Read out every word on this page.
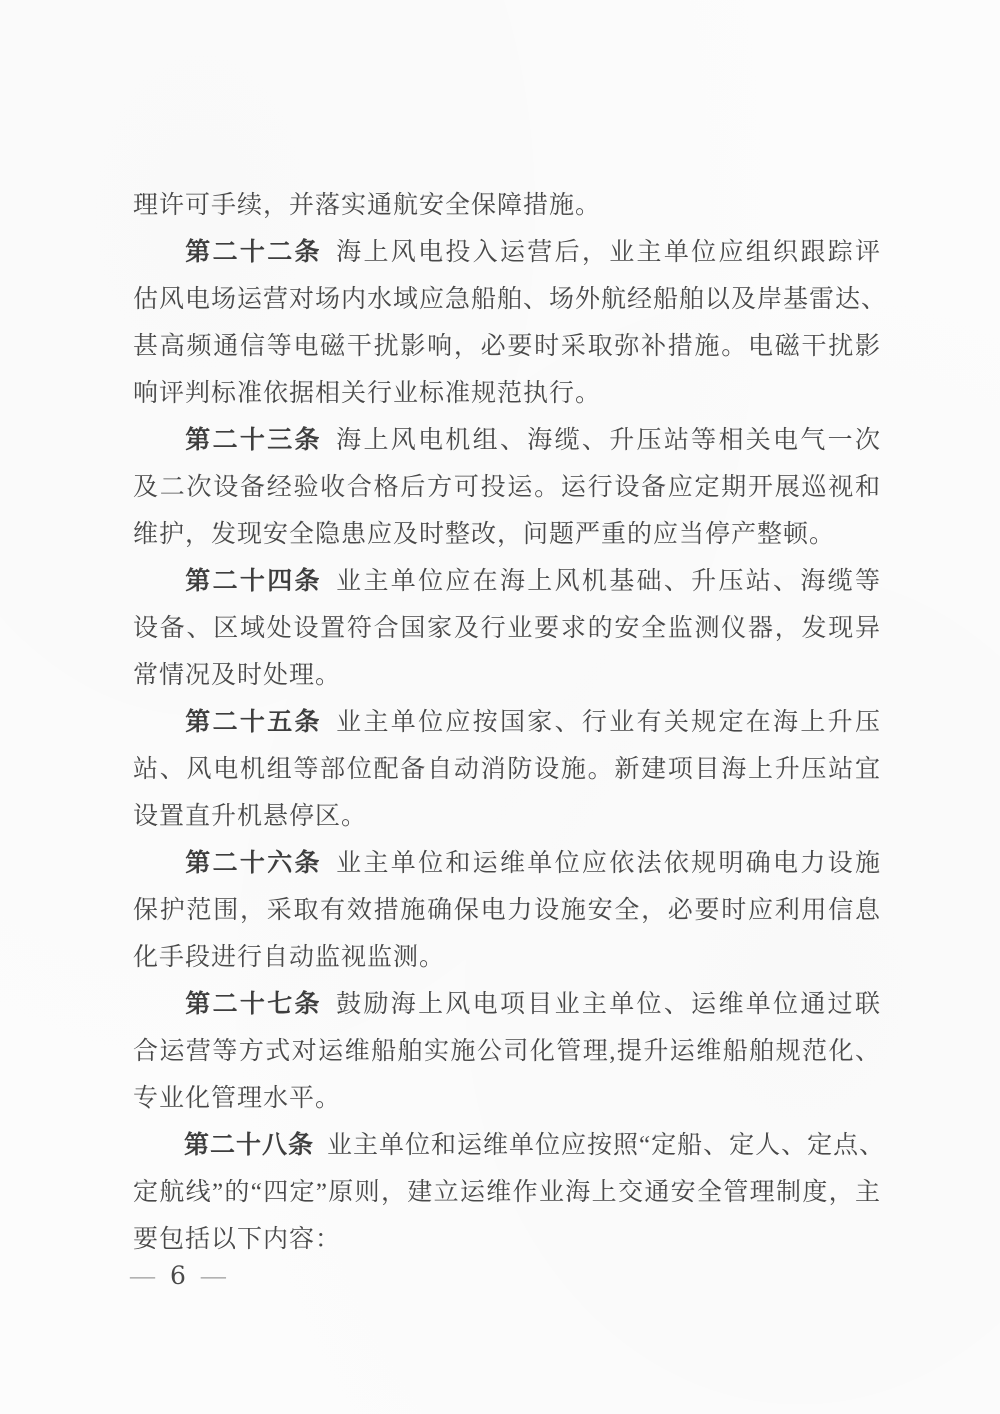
理许可手续，并落实通航安全保障措施。
第二十二条 海上风电投入运营后，业主单位应组织跟踪评
估风电场运营对场内水域应急船舶、场外航经船舶以及岸基雷达、
甚高频通信等电磁干扰影响，必要时采取弥补措施。电磁干扰影
响评判标准依据相关行业标准规范执行。
第二十三条 海上风电机组、海缆、升压站等相关电气一次
及二次设备经验收合格后方可投运。运行设备应定期开展巡视和
维护，发现安全隐患应及时整改，问题严重的应当停产整顿。
第二十四条 业主单位应在海上风机基础、升压站、海缆等
设备、区域处设置符合国家及行业要求的安全监测仪器，发现异
常情况及时处理。
第二十五条 业主单位应按国家、行业有关规定在海上升压
站、风电机组等部位配备自动消防设施。新建项目海上升压站宜
设置直升机悬停区。
第二十六条 业主单位和运维单位应依法依规明确电力设施
保护范围，采取有效措施确保电力设施安全，必要时应利用信息
化手段进行自动监视监测。
第二十七条 鼓励海上风电项目业主单位、运维单位通过联
合运营等方式对运维船舶实施公司化管理,提升运维船舶规范化、
专业化管理水平。
第二十八条 业主单位和运维单位应按照“定船、定人、定点、
定航线”的“四定”原则，建立运维作业海上交通安全管理制度，主
要包括以下内容：
— 6 —
